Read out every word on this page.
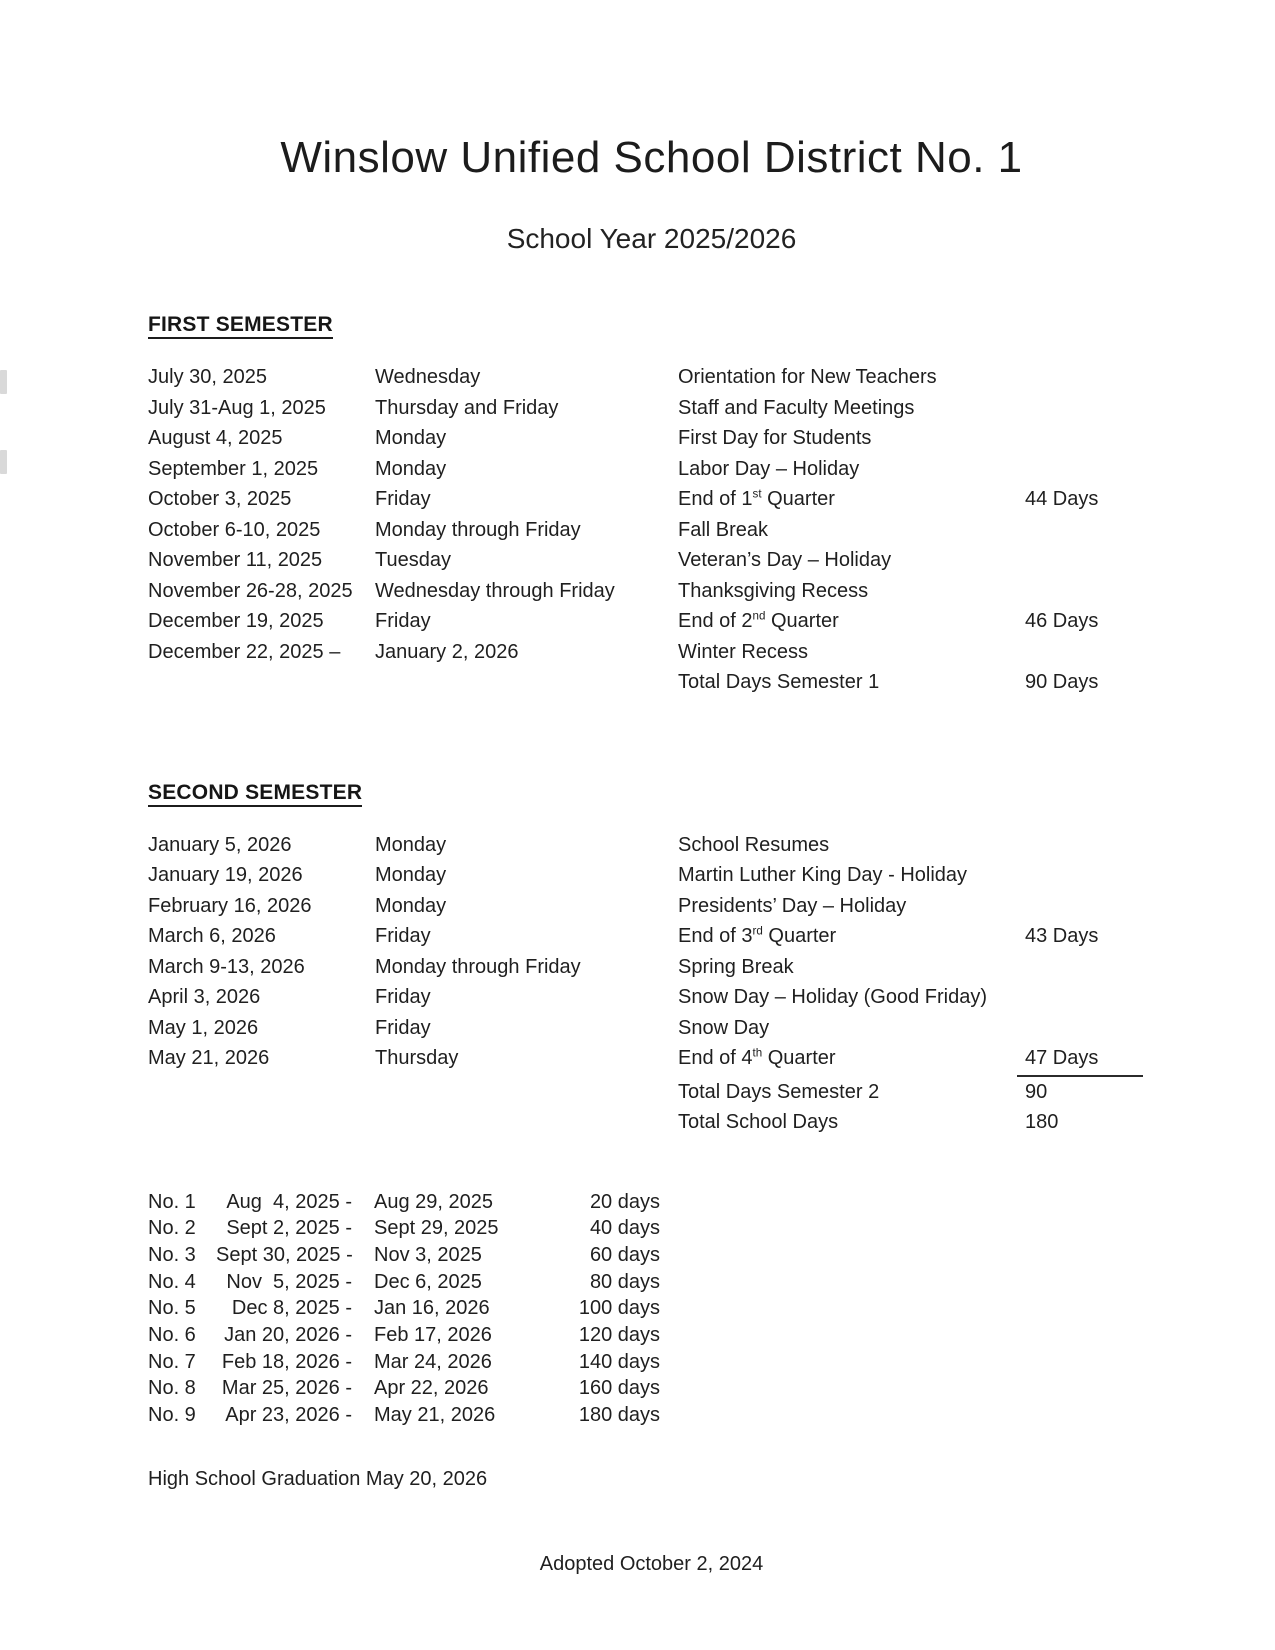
Winslow Unified School District No. 1
School Year 2025/2026
FIRST SEMESTER
July 30, 2025	Wednesday	Orientation for New Teachers
July 31-Aug 1, 2025	Thursday and Friday	Staff and Faculty Meetings
August 4, 2025	Monday	First Day for Students
September 1, 2025	Monday	Labor Day – Holiday
October 3, 2025	Friday	End of 1st Quarter	44 Days
October 6-10, 2025	Monday through Friday	Fall Break
November 11, 2025	Tuesday	Veteran’s Day – Holiday
November 26-28, 2025	Wednesday through Friday	Thanksgiving Recess
December 19, 2025	Friday	End of 2nd Quarter	46 Days
December 22, 2025 –	January 2, 2026	Winter Recess
Total Days Semester 1	90 Days
SECOND SEMESTER
January 5, 2026	Monday	School Resumes
January 19, 2026	Monday	Martin Luther King Day - Holiday
February 16, 2026	Monday	Presidents’ Day – Holiday
March 6, 2026	Friday	End of 3rd Quarter	43 Days
March 9-13, 2026	Monday through Friday	Spring Break
April 3, 2026	Friday	Snow Day – Holiday (Good Friday)
May 1, 2026	Friday	Snow Day
May 21, 2026	Thursday	End of 4th Quarter	47 Days
Total Days Semester 2	90
Total School Days	180
No. 1	Aug  4, 2025 -	Aug 29, 2025	20 days
No. 2	Sept 2, 2025 -	Sept 29, 2025	40 days
No. 3	Sept 30, 2025 -	Nov 3, 2025	60 days
No. 4	Nov  5, 2025 -	Dec 6, 2025	80 days
No. 5	Dec 8, 2025 -	Jan 16, 2026	100 days
No. 6	Jan 20, 2026 -	Feb 17, 2026	120 days
No. 7	Feb 18, 2026 -	Mar 24, 2026	140 days
No. 8	Mar 25, 2026 -	Apr 22, 2026	160 days
No. 9	Apr 23, 2026 -	May 21, 2026	180 days

High School Graduation May 20, 2026

Adopted October 2, 2024
